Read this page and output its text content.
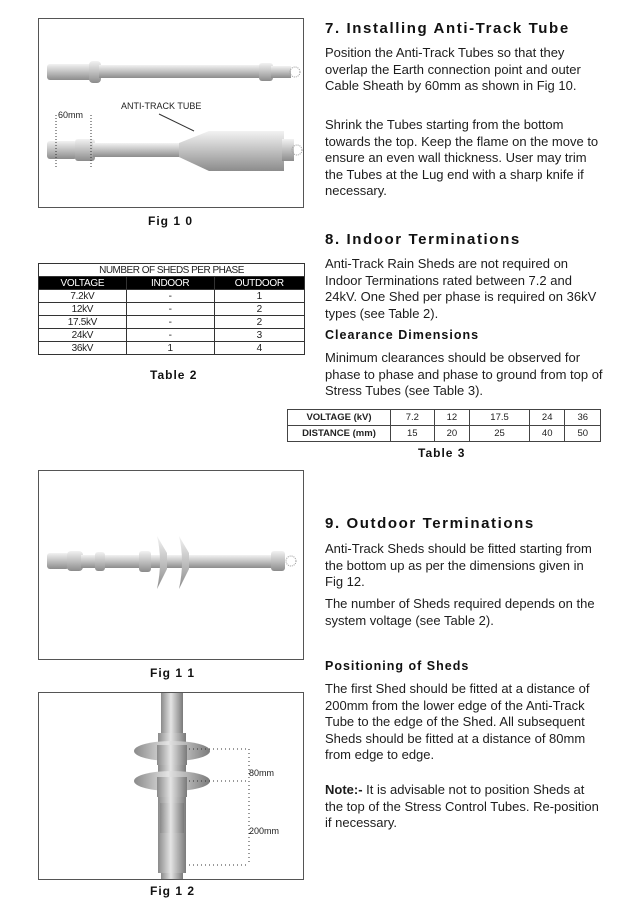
ANTI-TRACK TUBE
60mm
Fig 1 0
NUMBER OF SHEDS PER PHASE		
VOLTAGE	INDOOR	OUTDOOR
7.2kV	-	1
12kV	-	2
17.5kV	-	2
24kV	-	3
36kV	1	4
Table 2
VOLTAGE (kV)	7.2	12	17.5	24	36
DISTANCE (mm)	15	20	25	40	50
Table 3
Fig 1 1
80mm
200mm
Fig 1 2
7. Installing Anti-Track Tube
Position the Anti-Track Tubes so that they overlap the Earth connection point and outer Cable Sheath by 60mm as shown in Fig 10.
Shrink the Tubes starting from the bottom towards the top. Keep the flame on the move to ensure an even wall thickness. User may trim the Tubes at the Lug end with a sharp knife if necessary.
8. Indoor Terminations
Anti-Track Rain Sheds are not required on Indoor Terminations rated between 7.2 and 24kV. One Shed per phase is required on 36kV types (see Table 2).
Clearance Dimensions
Minimum clearances should be observed for phase to phase and phase to ground from top of Stress Tubes (see Table 3).
9. Outdoor Terminations
Anti-Track Sheds should be fitted starting from the bottom up as per the dimensions given in Fig 12.
The number of Sheds required depends on the system voltage (see Table 2).
Positioning of Sheds
The first Shed should be fitted at a distance of 200mm from the lower edge of the Anti-Track Tube to the edge of the Shed. All subsequent Sheds should be fitted at a distance of 80mm from edge to edge.
Note:- It is advisable not to position Sheds at the top of the Stress Control Tubes. Re-position if necessary.
